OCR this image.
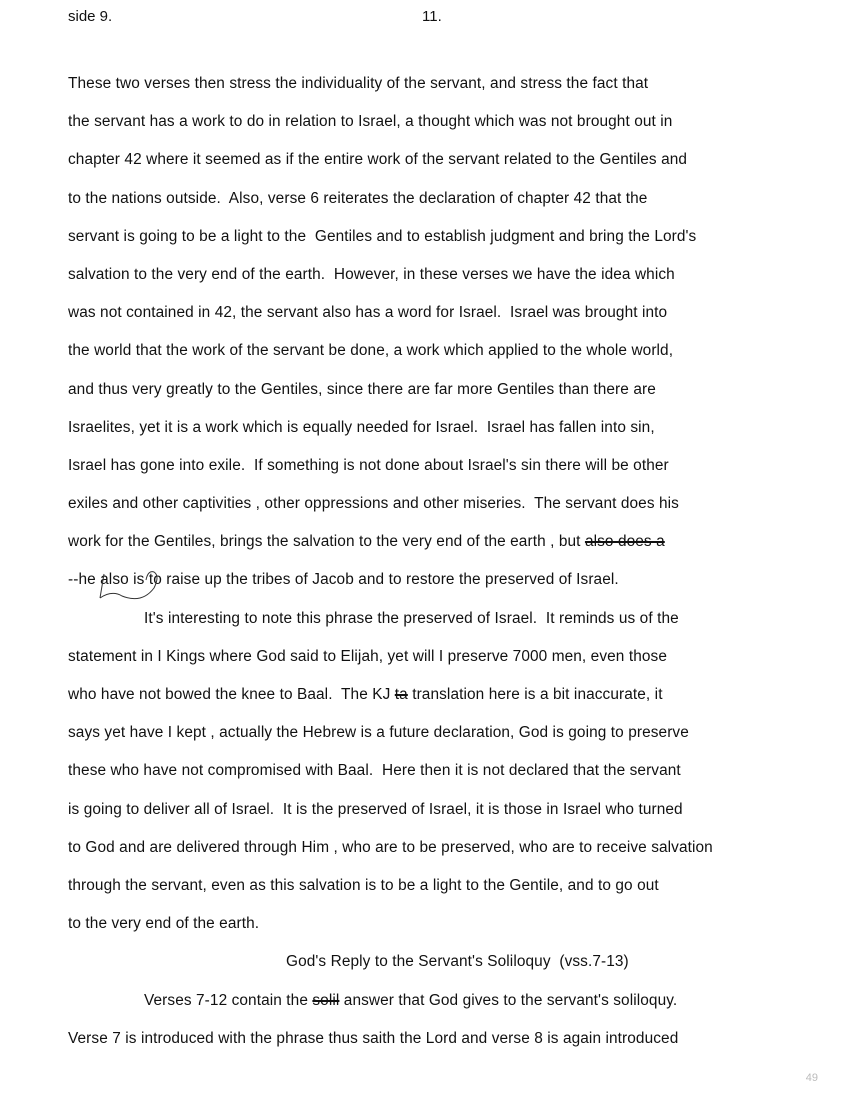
side 9.	11.
These two verses then stress the individuality of the servant, and stress the fact that
the servant has a work to do in relation to Israel, a thought which was not brought out in
chapter 42 where it seemed as if the entire work of the servant related to the Gentiles and
to the nations outside.  Also, verse 6 reiterates the declaration of chapter 42 that the
servant is going to be a light to the  Gentiles and to establish judgment and bring the Lord's
salvation to the very end of the earth.  However, in these verses we have the idea which
was not contained in 42, the servant also has a word for Israel.  Israel was brought into
the world that the work of the servant be done, a work which applied to the whole world,
and thus very greatly to the Gentiles, since there are far more Gentiles than there are
Israelites, yet it is a work which is equally needed for Israel.  Israel has fallen into sin,
Israel has gone into exile.  If something is not done about Israel's sin there will be other
exiles and other captivities , other oppressions and other miseries.  The servant does his
work for the Gentiles, brings the salvation to the very end of the earth , but also does a
--he also is to raise up the tribes of Jacob and to restore the preserved of Israel.
It's interesting to note this phrase the preserved of Israel.  It reminds us of the
statement in I Kings where God said to Elijah, yet will I preserve 7000 men, even those
who have not bowed the knee to Baal.  The KJ ta translation here is a bit inaccurate, it
says yet have I kept , actually the Hebrew is a future declaration, God is going to preserve
these who have not compromised with Baal.  Here then it is not declared that the servant
is going to deliver all of Israel.  It is the preserved of Israel, it is those in Israel who turned
to God and are delivered through Him , who are to be preserved, who are to receive salvation
through the servant, even as this salvation is to be a light to the Gentile, and to go out
to the very end of the earth.
God's Reply to the Servant's Soliloquy  (vss.7-13)
Verses 7-12 contain the solil answer that God gives to the servant's soliloquy.
Verse 7 is introduced with the phrase thus saith the Lord and verse 8 is again introduced
49
